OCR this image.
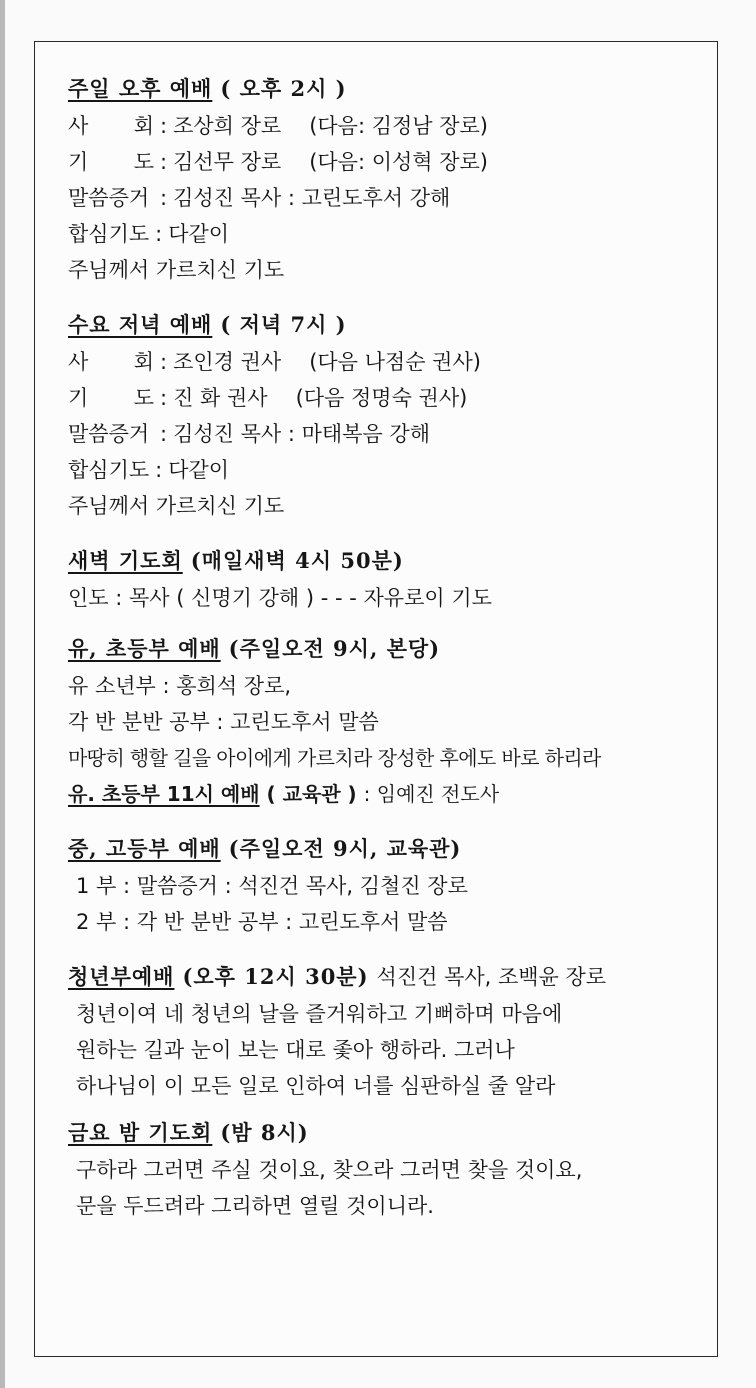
주일 오후 예배 ( 오후 2시 )
사 회 : 조상희 장로 (다음: 김정남 장로)
기 도 : 김선무 장로 (다음: 이성혁 장로)
말씀증거 : 김성진 목사 : 고린도후서 강해
합심기도 : 다같이
주님께서 가르치신 기도
수요 저녁 예배 ( 저녁 7시 )
사 회 : 조인경 권사 (다음 나점순 권사)
기 도 : 진 화 권사 (다음 정명숙 권사)
말씀증거 : 김성진 목사 : 마태복음 강해
합심기도 : 다같이
주님께서 가르치신 기도
새벽 기도회 (매일새벽 4시 50분)
인도 : 목사 ( 신명기 강해 ) - - - 자유로이 기도
유, 초등부 예배 (주일오전 9시, 본당)
유 소년부 : 홍희석 장로,
각 반 분반 공부 : 고린도후서 말씀
마땅히 행할 길을 아이에게 가르치라 장성한 후에도 바로 하리라
유. 초등부 11시 예배 ( 교육관 ) : 임예진 전도사
중, 고등부 예배 (주일오전 9시, 교육관)
1 부 : 말씀증거 : 석진건 목사, 김철진 장로
2 부 : 각 반 분반 공부 : 고린도후서 말씀
청년부예배 (오후 12시 30분) 석진건 목사, 조백윤 장로
청년이여 네 청년의 날을 즐거워하고 기뻐하며 마음에
원하는 길과 눈이 보는 대로 좇아 행하라. 그러나
하나님이 이 모든 일로 인하여 너를 심판하실 줄 알라
금요 밤 기도회 (밤 8시)
구하라 그러면 주실 것이요, 찾으라 그러면 찾을 것이요,
문을 두드려라 그리하면 열릴 것이니라.
